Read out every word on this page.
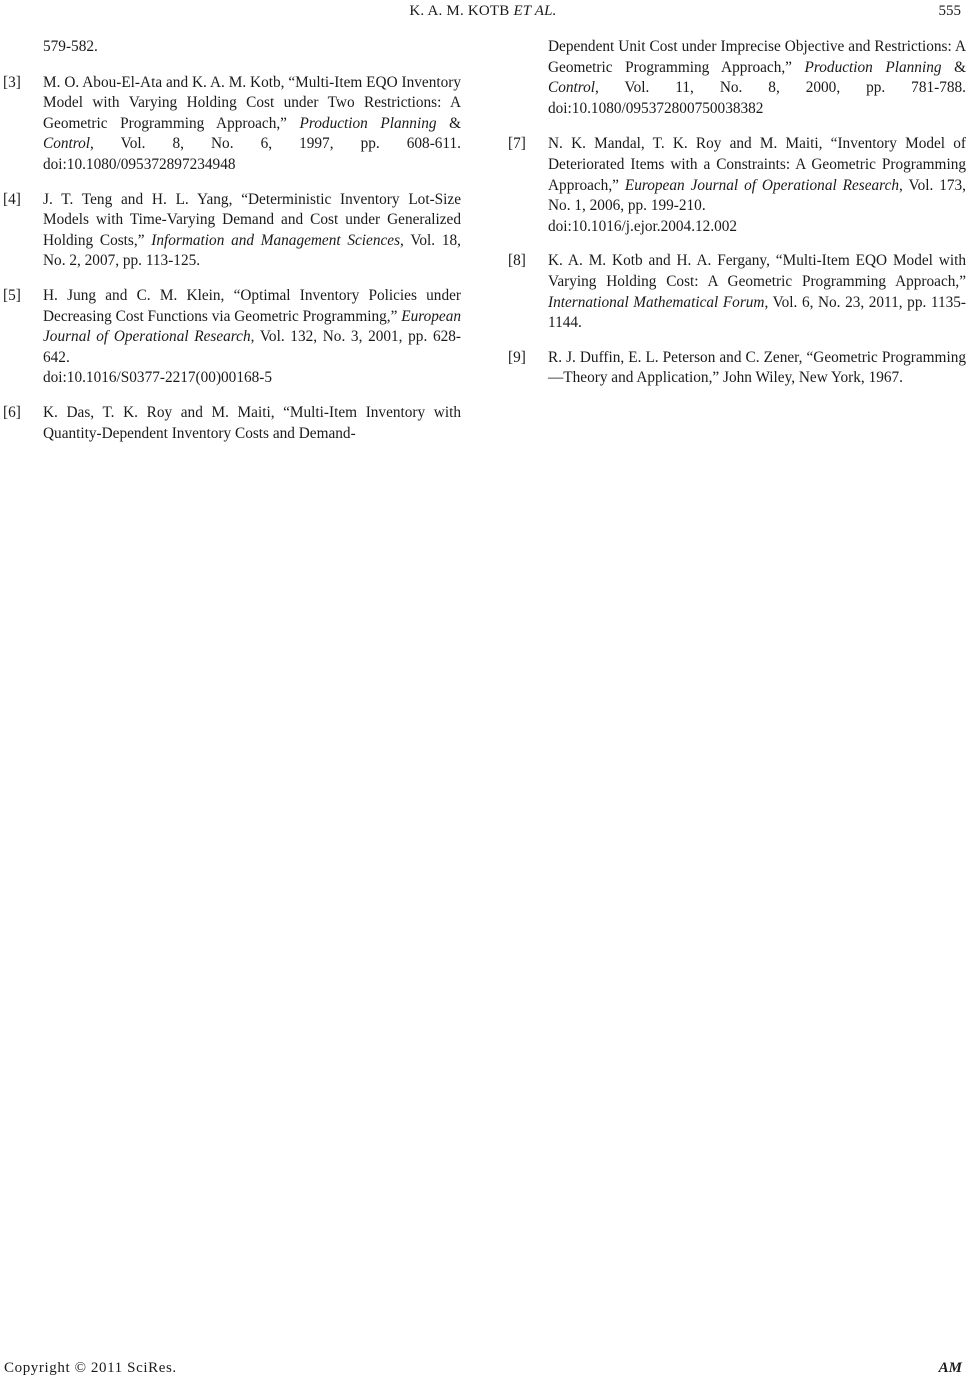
K. A. M. KOTB ET AL.	555
579-582.
[3] M. O. Abou-El-Ata and K. A. M. Kotb, “Multi-Item EQO Inventory Model with Varying Holding Cost under Two Restrictions: A Geometric Programming Approach,” Production Planning & Control, Vol. 8, No. 6, 1997, pp. 608-611. doi:10.1080/095372897234948
[4] J. T. Teng and H. L. Yang, “Deterministic Inventory Lot-Size Models with Time-Varying Demand and Cost under Generalized Holding Costs,” Information and Management Sciences, Vol. 18, No. 2, 2007, pp. 113-125.
[5] H. Jung and C. M. Klein, “Optimal Inventory Policies under Decreasing Cost Functions via Geometric Programming,” European Journal of Operational Research, Vol. 132, No. 3, 2001, pp. 628-642.
doi:10.1016/S0377-2217(00)00168-5
[6] K. Das, T. K. Roy and M. Maiti, “Multi-Item Inventory with Quantity-Dependent Inventory Costs and Demand-
Dependent Unit Cost under Imprecise Objective and Restrictions: A Geometric Programming Approach,” Production Planning & Control, Vol. 11, No. 8, 2000, pp. 781-788. doi:10.1080/09537280075003838​2
[7] N. K. Mandal, T. K. Roy and M. Maiti, “Inventory Model of Deteriorated Items with a Constraints: A Geometric Programming Approach,” European Journal of Operational Research, Vol. 173, No. 1, 2006, pp. 199-210.
doi:10.1016/j.ejor.2004.12.002
[8] K. A. M. Kotb and H. A. Fergany, “Multi-Item EQO Model with Varying Holding Cost: A Geometric Programming Approach,” International Mathematical Forum, Vol. 6, No. 23, 2011, pp. 1135-1144.
[9] R. J. Duffin, E. L. Peterson and C. Zener, “Geometric Programming—Theory and Application,” John Wiley, New York, 1967.
Copyright © 2011 SciRes.	AM
